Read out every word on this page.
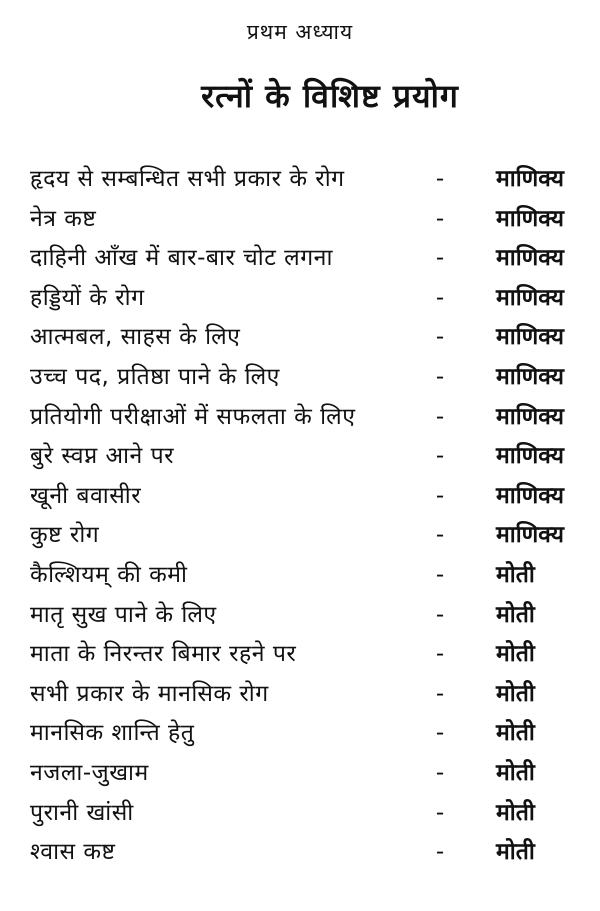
प्रथम अध्याय
रत्नों के विशिष्ट प्रयोग
हृदय से सम्बन्धित सभी प्रकार के रोग	- माणिक्य
नेत्र कष्ट	- माणिक्य
दाहिनी आँख में बार-बार चोट लगना	- माणिक्य
हड्डियों के रोग	- माणिक्य
आत्मबल, साहस के लिए	- माणिक्य
उच्च पद, प्रतिष्ठा पाने के लिए	- माणिक्य
प्रतियोगी परीक्षाओं में सफलता के लिए	- माणिक्य
बुरे स्वप्न आने पर	- माणिक्य
खूनी बवासीर	- माणिक्य
कुष्ट रोग	- माणिक्य
कैल्शियम् की कमी	- मोती
मातृ सुख पाने के लिए	- मोती
माता के निरन्तर बिमार रहने पर	- मोती
सभी प्रकार के मानसिक रोग	- मोती
मानसिक शान्ति हेतु	- मोती
नजला-जुखाम	- मोती
पुरानी खांसी	- मोती
श्वास कष्ट	- मोती
